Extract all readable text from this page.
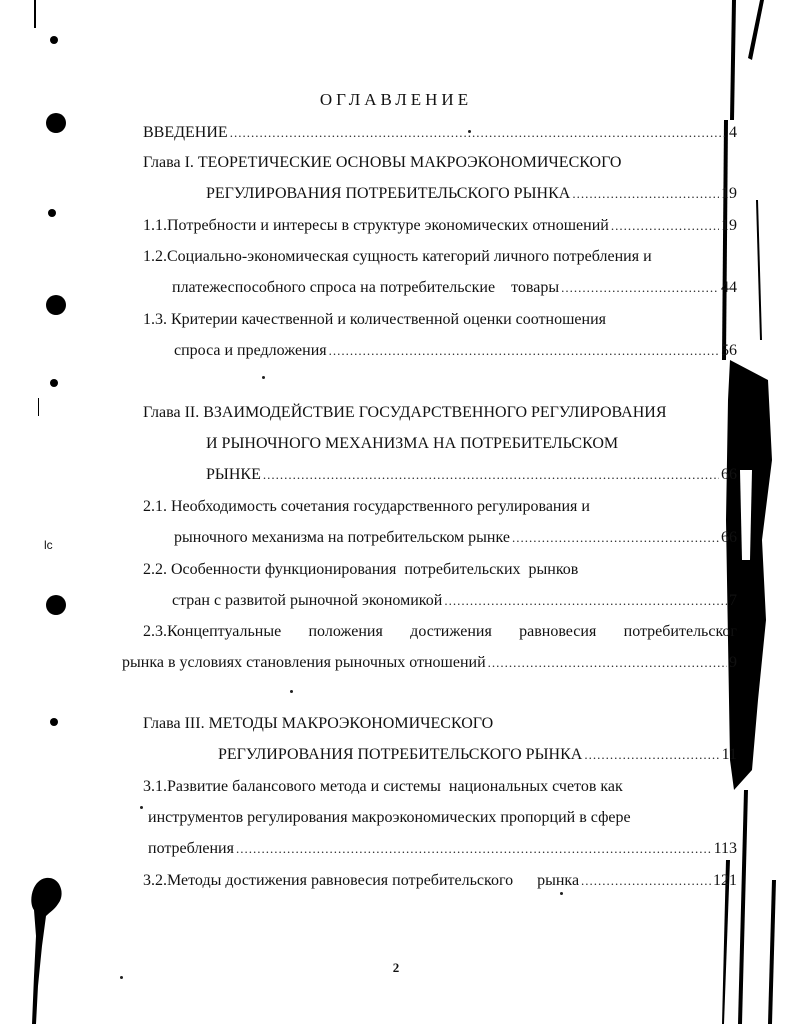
lc
ОГЛАВЛЕНИЕ
ВВЕДЕНИЕ .....	4
Глава I. ТЕОРЕТИЧЕСКИЕ ОСНОВЫ МАКРОЭКОНОМИЧЕСКОГО
РЕГУЛИРОВАНИЯ ПОТРЕБИТЕЛЬСКОГО РЫНКА .....	19
1.1.Потребности и интересы в структуре экономических отношений .....	19
1.2.Социально-экономическая сущность категорий личного потребления и
платежеспособного спроса на потребительские    товары .....	44
1.3. Критерии качественной и количественной оценки соотношения
спроса и предложения .....	56
Глава II. ВЗАИМОДЕЙСТВИЕ ГОСУДАРСТВЕННОГО РЕГУЛИРОВАНИЯ
И РЫНОЧНОГО МЕХАНИЗМА НА ПОТРЕБИТЕЛЬСКОМ
РЫНКЕ .....	66
2.1. Необходимость сочетания государственного регулирования и
рыночного механизма на потребительском рынке .....	66
2.2. Особенности функционирования  потребительских  рынков
стран с развитой рыночной экономикой .....	7
2.3.Концептуальные положения достижения равновесия потребительског
рынка в условиях становления рыночных отношений .....	9
Глава III. МЕТОДЫ МАКРОЭКОНОМИЧЕСКОГО
РЕГУЛИРОВАНИЯ ПОТРЕБИТЕЛЬСКОГО РЫНКА .....	11
3.1.Развитие балансового метода и системы  национальных счетов как
инструментов регулирования макроэкономических пропорций в сфере
потребления .....	113
3.2.Методы достижения равновесия потребительского      рынка .....	121
2
